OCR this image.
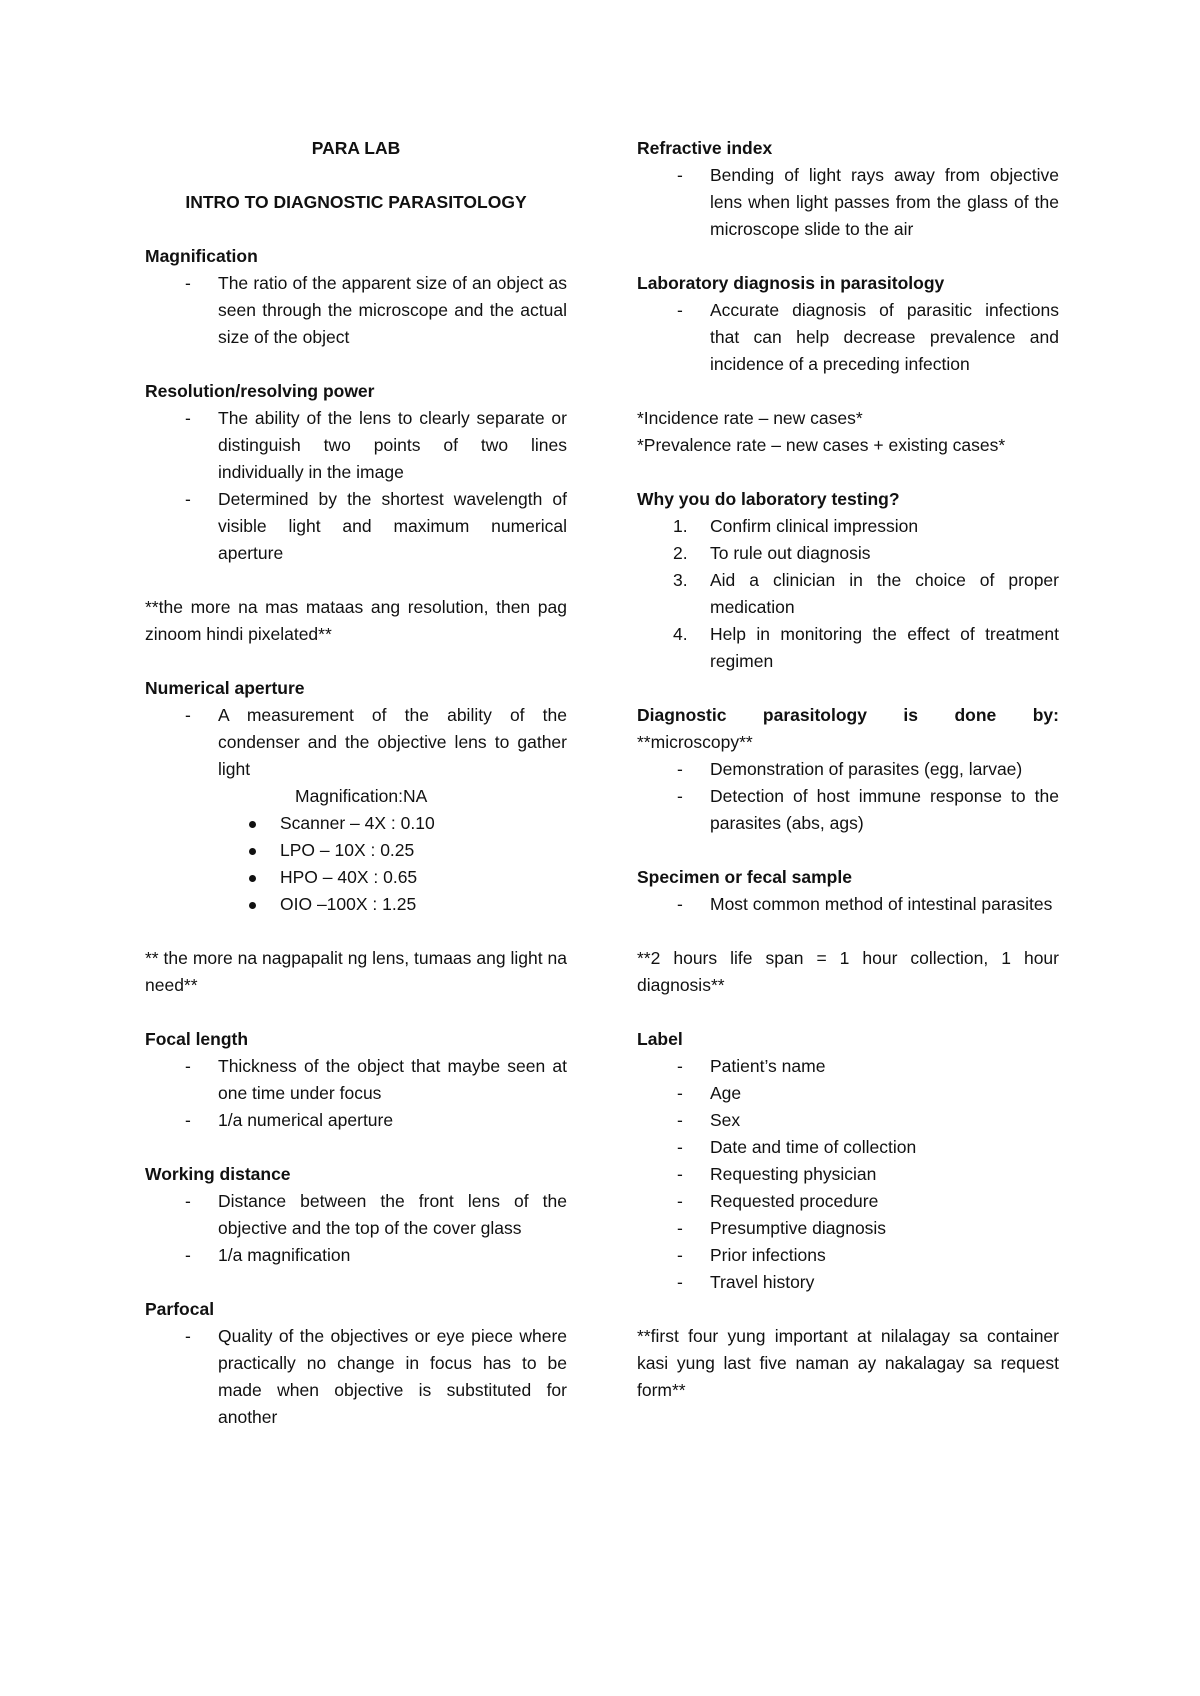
PARA LAB

INTRO TO DIAGNOSTIC PARASITOLOGY

Magnification

- The ratio of the apparent size of an object as seen through the microscope and the actual size of the object

Resolution/resolving power

- The ability of the lens to clearly separate or distinguish two points of two lines individually in the image
- Determined by the shortest wavelength of visible light and maximum numerical aperture

**the more na mas mataas ang resolution, then pag zinoom hindi pixelated**

Numerical aperture

- A measurement of the ability of the condenser and the objective lens to gather light

Magnification:NA

Scanner – 4X : 0.10
LPO – 10X : 0.25
HPO – 40X : 0.65
OIO –100X : 1.25

** the more na nagpapalit ng lens, tumaas ang light na need**

Focal length

- Thickness of the object that maybe seen at one time under focus
- 1/a numerical aperture

Working distance

- Distance between the front lens of the objective and the top of the cover glass
- 1/a magnification

Parfocal

- Quality of the objectives or eye piece where practically no change in focus has to be made when objective is substituted for another

Refractive index

- Bending of light rays away from objective lens when light passes from the glass of the microscope slide to the air

Laboratory diagnosis in parasitology

- Accurate diagnosis of parasitic infections that can help decrease prevalence and incidence of a preceding infection

*Incidence rate – new cases*

*Prevalence rate – new cases + existing cases*

Why you do laboratory testing?

1. Confirm clinical impression
2. To rule out diagnosis
3. Aid a clinician in the choice of proper medication
4. Help in monitoring the effect of treatment regimen

Diagnostic parasitology is done by:

**microscopy**

- Demonstration of parasites (egg, larvae)
- Detection of host immune response to the parasites (abs, ags)

Specimen or fecal sample

- Most common method of intestinal parasites

**2 hours life span = 1 hour collection, 1 hour diagnosis**

Label

- Patient’s name
- Age
- Sex
- Date and time of collection
- Requesting physician
- Requested procedure
- Presumptive diagnosis
- Prior infections
- Travel history

**first four yung important at nilalagay sa container kasi yung last five naman ay nakalagay sa request form**
